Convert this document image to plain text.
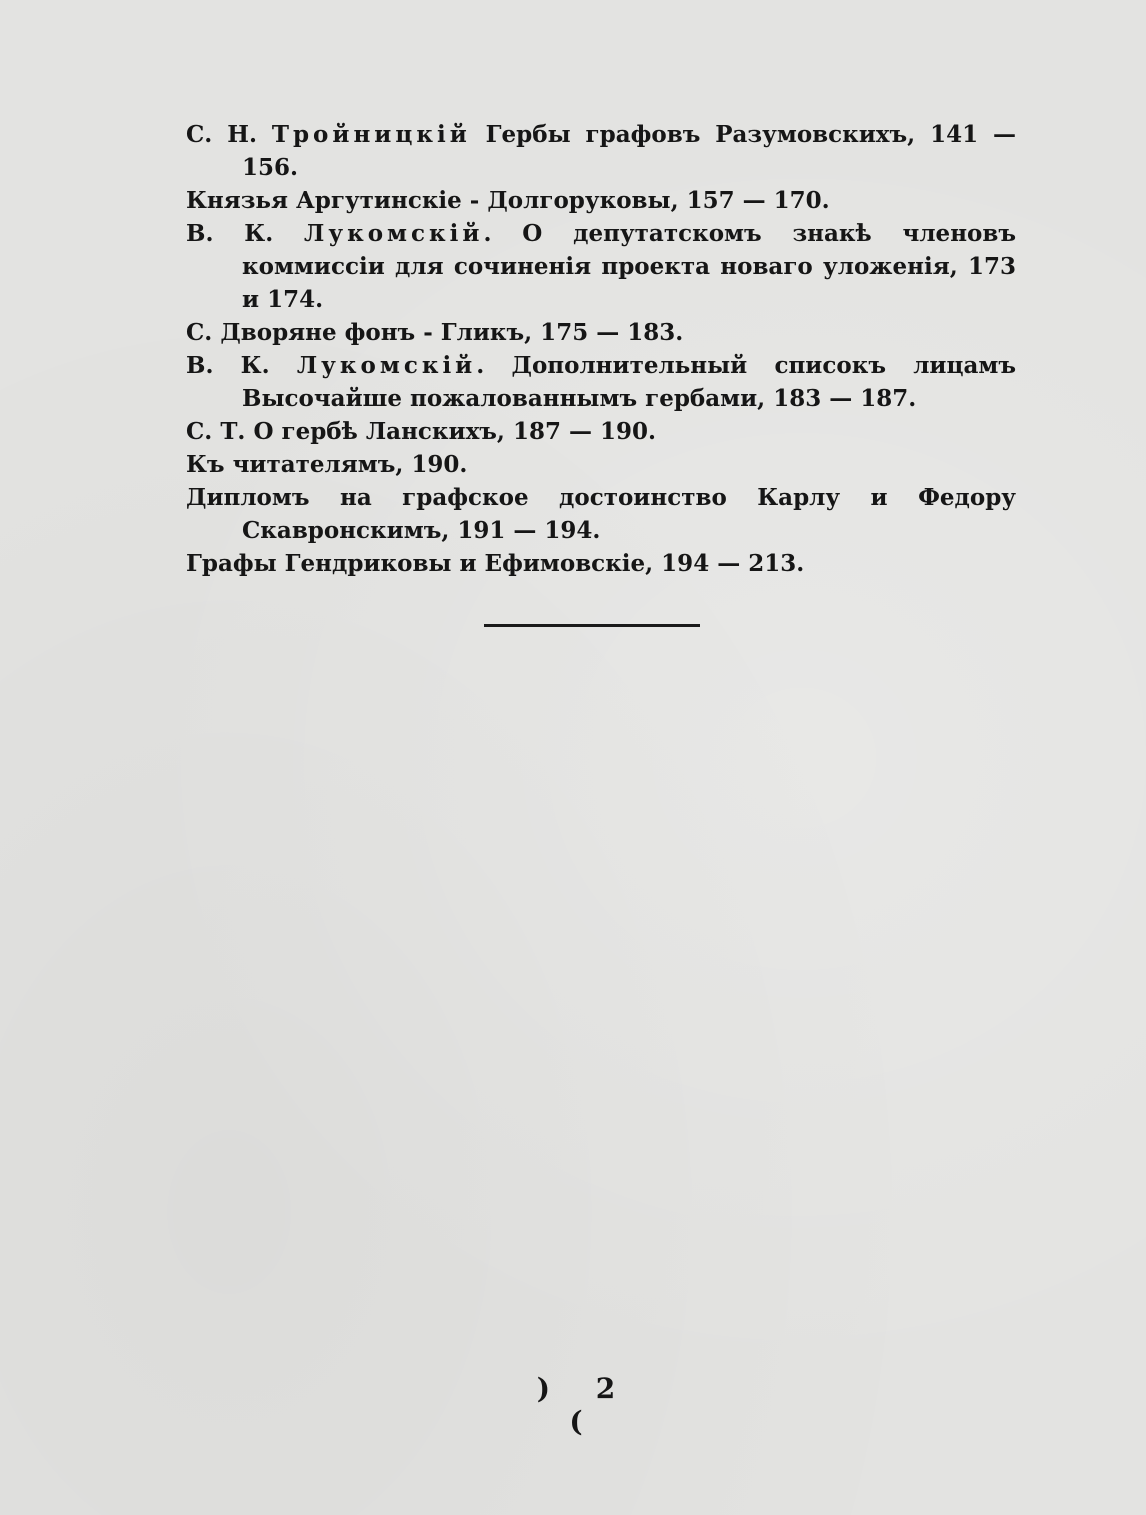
С. Н. Тройницкій Гербы графовъ Разумовскихъ, 141 — 156.

Князья Аргутинскіе - Долгоруковы, 157 — 170.

В. К. Лукомскій. О депутатскомъ знакѣ членовъ коммиссіи для сочиненія проекта новаго уложенія, 173 и 174.

С. Дворяне фонъ - Гликъ, 175 — 183.

В. К. Лукомскій. Дополнительный списокъ лицамъ Высочайше пожалованнымъ гербами, 183 — 187.

С. Т. О гербѣ Ланскихъ, 187 — 190.

Къ читателямъ, 190.

Дипломъ на графское достоинство Карлу и Федору Скавронскимъ, 191 — 194.

Графы Гендриковы и Ефимовскіе, 194 — 213.

) 2 (
